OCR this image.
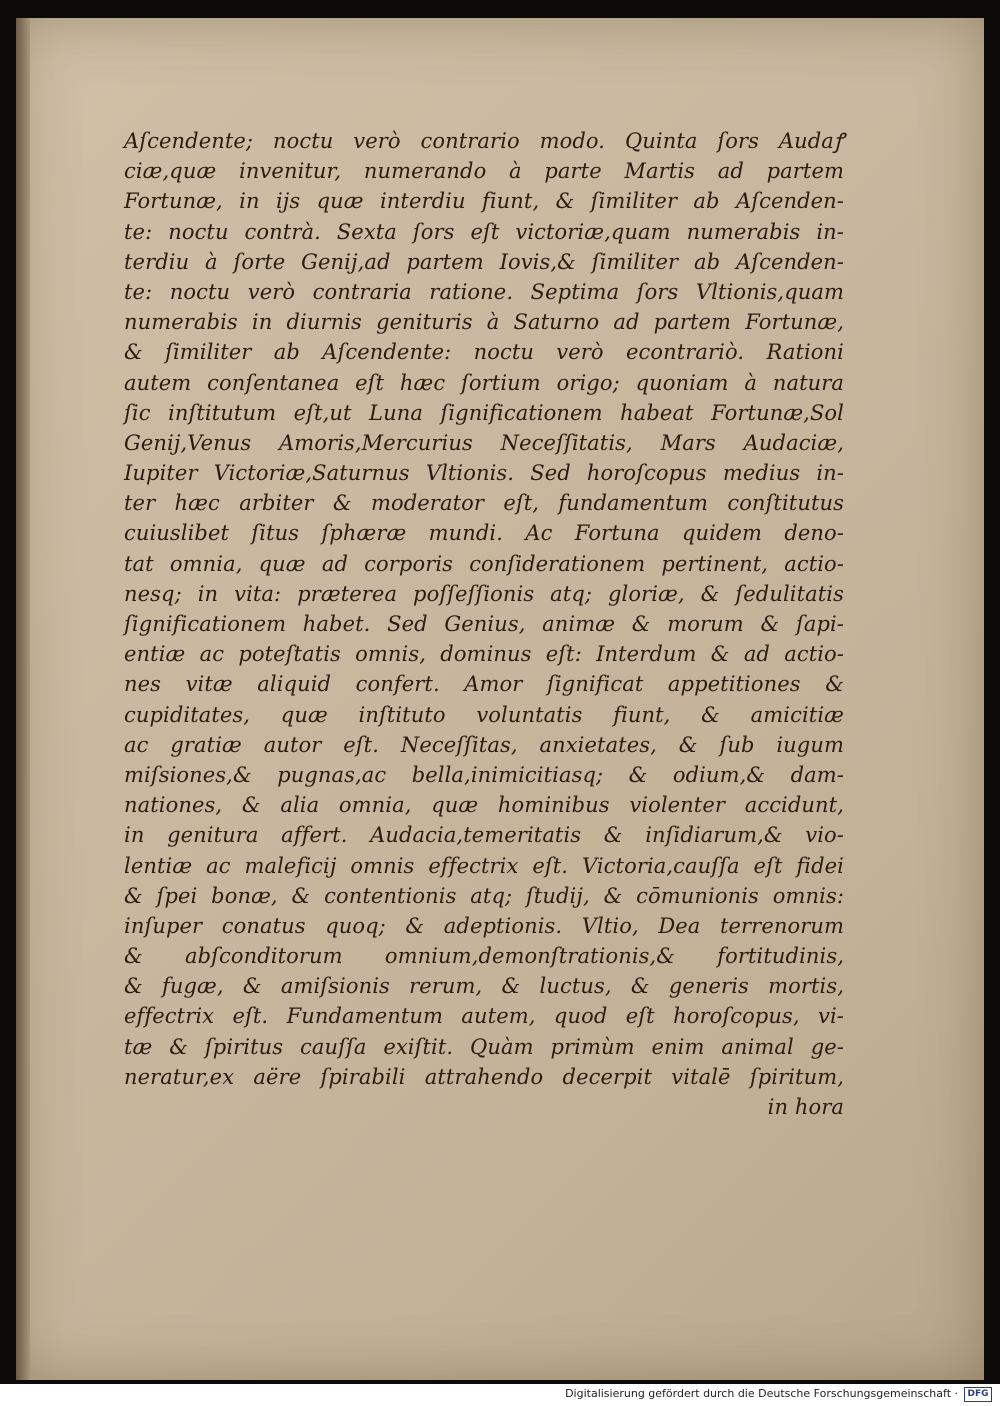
Aſcendente; noctu verò contrario modo. Quinta ſors Audaꝭ
ciæ,quæ invenitur, numerando à parte Martis ad partem
Fortunæ, in ijs quæ interdiu fiunt, & ſimiliter ab Aſcenden-
te: noctu contrà. Sexta ſors eſt victoriæ,quam numerabis in-
terdiu à ſorte Genij,ad partem Iovis,& ſimiliter ab Aſcenden-
te: noctu verò contraria ratione. Septima ſors Vltionis,quam
numerabis in diurnis genituris à Saturno ad partem Fortunæ,
& ſimiliter ab Aſcendente: noctu verò econtrariò. Rationi
autem conſentanea eſt hæc ſortium origo; quoniam à natura
ſic inſtitutum eſt,ut Luna ſignificationem habeat Fortunæ,Sol
Genij,Venus Amoris,Mercurius Neceſſitatis, Mars Audaciæ,
Iupiter Victoriæ,Saturnus Vltionis. Sed horoſcopus medius in-
ter hæc arbiter & moderator eſt, fundamentum conſtitutus
cuiuslibet ſitus ſphæræ mundi. Ac Fortuna quidem deno-
tat omnia, quæ ad corporis conſiderationem pertinent, actio-
nesq; in vita: præterea poſſeſſionis atq; gloriæ, & ſedulitatis
ſignificationem habet. Sed Genius, animæ & morum & ſapi-
entiæ ac poteſtatis omnis, dominus eſt: Interdum & ad actio-
nes vitæ aliquid confert. Amor ſignificat appetitiones &
cupiditates, quæ inſtituto voluntatis fiunt, & amicitiæ
ac gratiæ autor eſt. Neceſſitas, anxietates, & ſub iugum
miſsiones,& pugnas,ac bella,inimicitiasq; & odium,& dam-
nationes, & alia omnia, quæ hominibus violenter accidunt,
in genitura affert. Audacia,temeritatis & inſidiarum,& vio-
lentiæ ac maleficij omnis effectrix eſt. Victoria,cauſſa eſt fidei
& ſpei bonæ, & contentionis atq; ſtudij, & cōmunionis omnis:
inſuper conatus quoq; & adeptionis. Vltio, Dea terrenorum
& abſconditorum omnium,demonſtrationis,& fortitudinis,
& fugæ, & amiſsionis rerum, & luctus, & generis mortis,
effectrix eſt. Fundamentum autem, quod eſt horoſcopus, vi-
tæ & ſpiritus cauſſa exiſtit. Quàm primùm enim animal ge-
neratur,ex aëre ſpirabili attrahendo decerpit vitalē ſpiritum,
in hora
Digitalisierung gefördert durch die Deutsche Forschungsgemeinschaft ·	DFG
